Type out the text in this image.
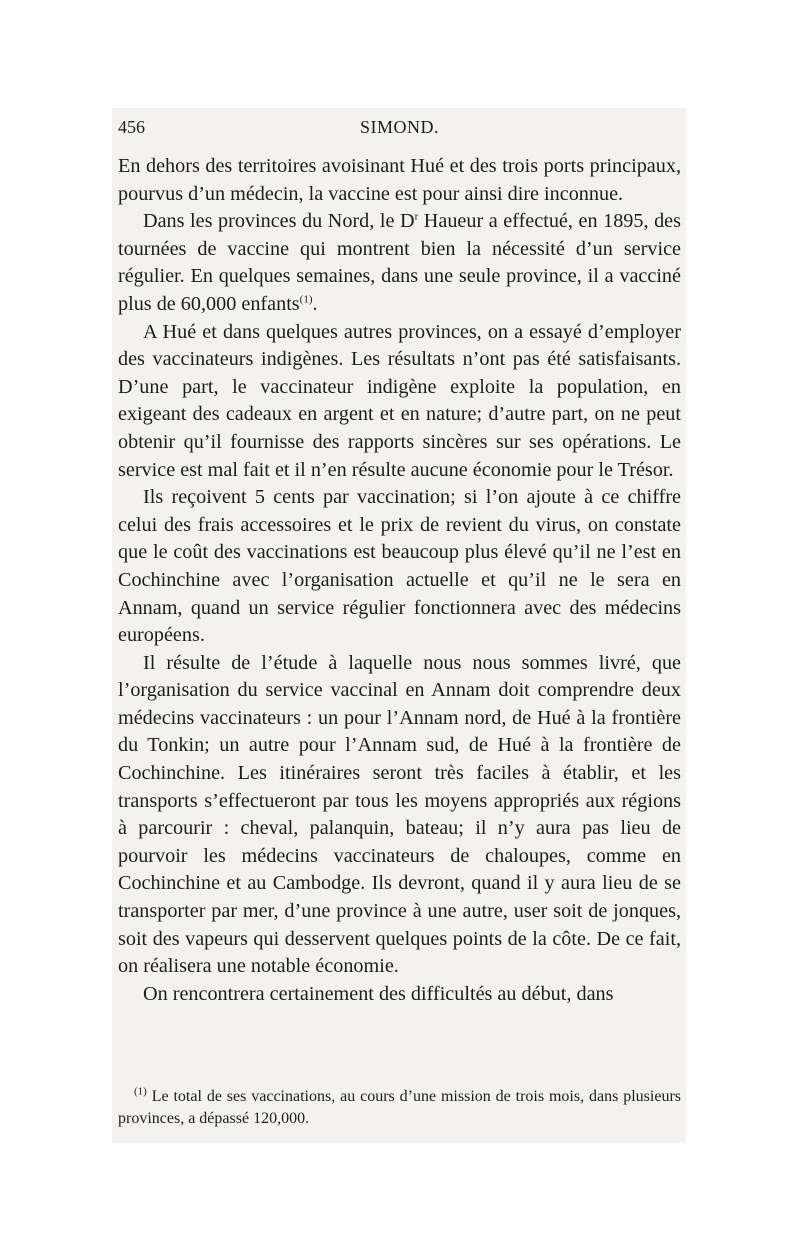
456	SIMOND.

En dehors des territoires avoisinant Hué et des trois ports principaux, pourvus d’un médecin, la vaccine est pour ainsi dire inconnue.

Dans les provinces du Nord, le $D^r$ Haueur a effectué, en 1895, des tournées de vaccine qui montrent bien la nécessité d’un service régulier. En quelques semaines, dans une seule province, il a vacciné plus de 60,000 enfants$^{(1)}$.

A Hué et dans quelques autres provinces, on a essayé d’employer des vaccinateurs indigènes. Les résultats n’ont pas été satisfaisants. D’une part, le vaccinateur indigène exploite la population, en exigeant des cadeaux en argent et en nature; d’autre part, on ne peut obtenir qu’il fournisse des rapports sincères sur ses opérations. Le service est mal fait et il n’en résulte aucune économie pour le Trésor.

Ils reçoivent 5 cents par vaccination; si l’on ajoute à ce chiffre celui des frais accessoires et le prix de revient du virus, on constate que le coût des vaccinations est beaucoup plus élevé qu’il ne l’est en Cochinchine avec l’organisation actuelle et qu’il ne le sera en Annam, quand un service régulier fonctionnera avec des médecins européens.

Il résulte de l’étude à laquelle nous nous sommes livré, que l’organisation du service vaccinal en Annam doit comprendre deux médecins vaccinateurs : un pour l’Annam nord, de Hué à la frontière du Tonkin; un autre pour l’Annam sud, de Hué à la frontière de Cochinchine. Les itinéraires seront très faciles à établir, et les transports s’effectueront par tous les moyens appropriés aux régions à parcourir : cheval, palanquin, bateau; il n’y aura pas lieu de pourvoir les médecins vaccinateurs de chaloupes, comme en Cochinchine et au Cambodge. Ils devront, quand il y aura lieu de se transporter par mer, d’une province à une autre, user soit de jonques, soit des vapeurs qui desservent quelques points de la côte. De ce fait, on réalisera une notable économie.

On rencontrera certainement des difficultés au début, dans

$^{(1)}$ Le total de ses vaccinations, au cours d’une mission de trois mois, dans plusieurs provinces, a dépassé 120,000.
